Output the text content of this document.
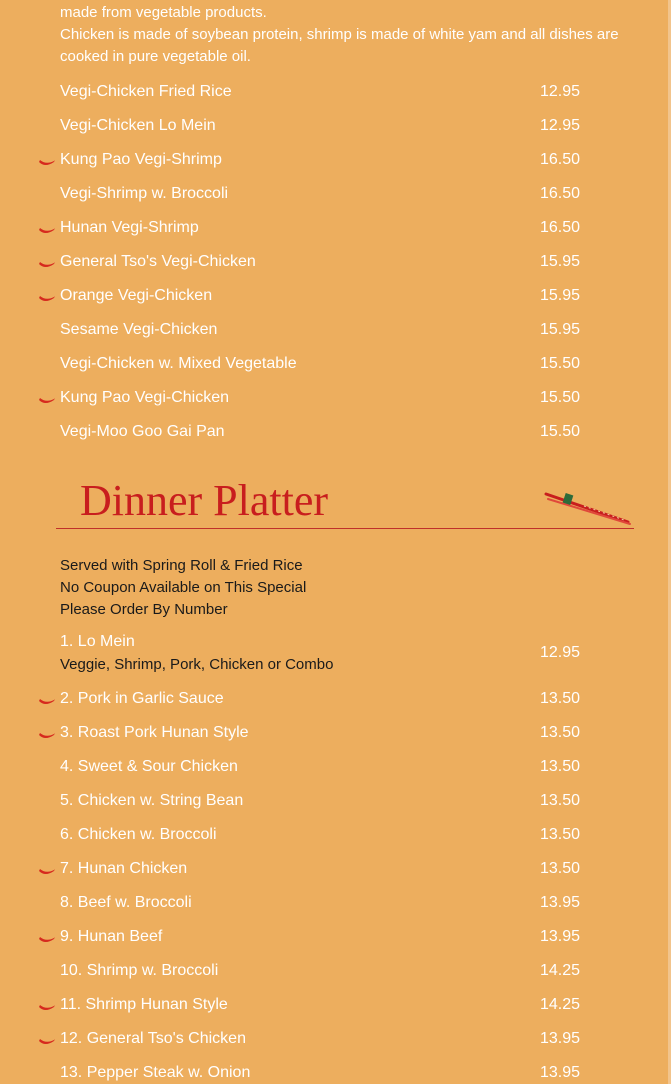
made from vegetable products.

Chicken is made of soybean protein, shrimp is made of white yam and all dishes are cooked in pure vegetable oil.

Vegi-Chicken Fried Rice	12.95
Vegi-Chicken Lo Mein	12.95
Kung Pao Vegi-Shrimp	16.50
Vegi-Shrimp w. Broccoli	16.50
Hunan Vegi-Shrimp	16.50
General Tso's Vegi-Chicken	15.95
Orange Vegi-Chicken	15.95
Sesame Vegi-Chicken	15.95
Vegi-Chicken w. Mixed Vegetable	15.50
Kung Pao Vegi-Chicken	15.50
Vegi-Moo Goo Gai Pan	15.50
Dinner Platter
Served with Spring Roll & Fried Rice
No Coupon Available on This Special
Please Order By Number
1. Lo Mein
Veggie, Shrimp, Pork, Chicken or Combo
12.95
2. Pork in Garlic Sauce	13.50
3. Roast Pork Hunan Style	13.50
4. Sweet & Sour Chicken	13.50
5. Chicken w. String Bean	13.50
6. Chicken w. Broccoli	13.50
7. Hunan Chicken	13.50
8. Beef w. Broccoli	13.95
9. Hunan Beef	13.95
10. Shrimp w. Broccoli	14.25
11. Shrimp Hunan Style	14.25
12. General Tso's Chicken	13.95
13. Pepper Steak w. Onion	13.95
